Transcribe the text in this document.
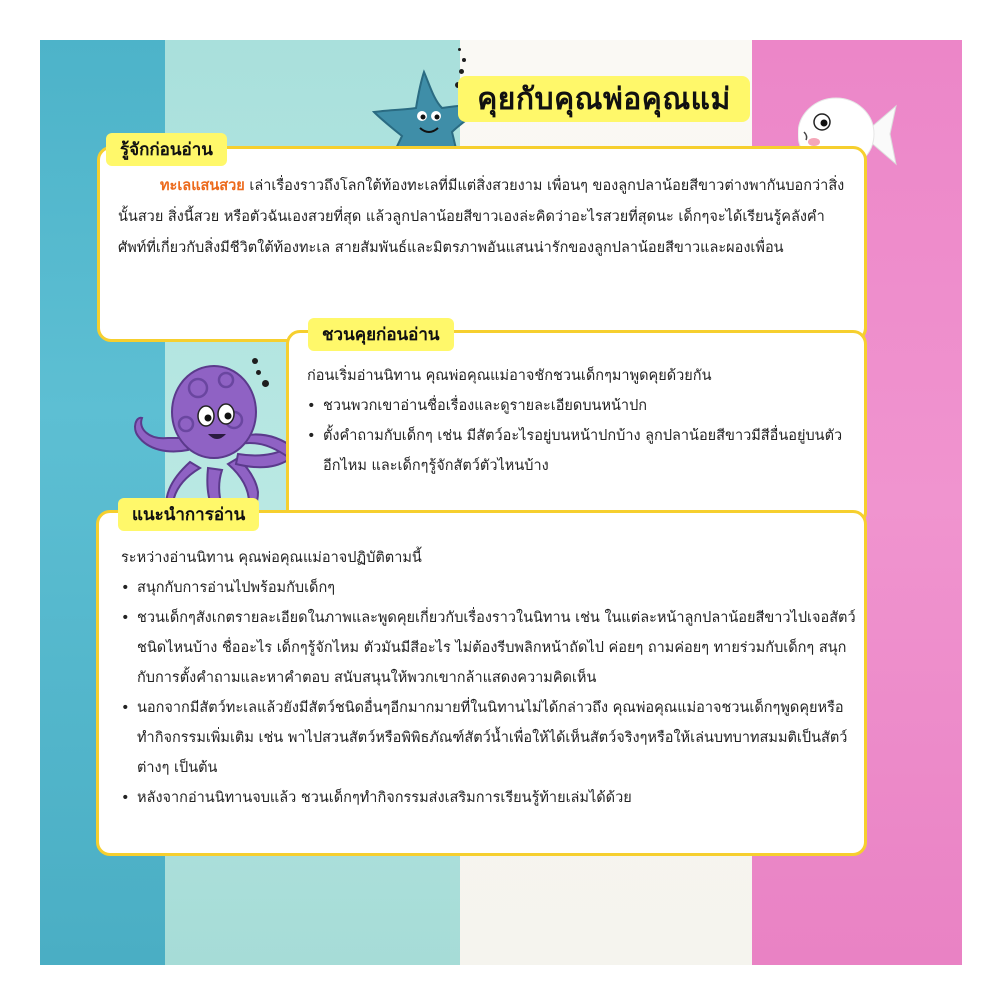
คุยกับคุณพ่อคุณแม่
ทะเลแสนสวย เล่าเรื่องราวถึงโลกใต้ท้องทะเลที่มีแต่สิ่งสวยงาม เพื่อนๆ ของลูกปลาน้อยสีขาวต่างพากันบอกว่าสิ่งนั้นสวย สิ่งนี้สวย หรือตัวฉันเองสวยที่สุด แล้วลูกปลาน้อยสีขาวเองล่ะคิดว่าอะไรสวยที่สุดนะ เด็กๆจะได้เรียนรู้คลังคำศัพท์ที่เกี่ยวกับสิ่งมีชีวิตใต้ท้องทะเล สายสัมพันธ์และมิตรภาพอันแสนน่ารักของลูกปลาน้อยสีขาวและผองเพื่อน
รู้จักก่อนอ่าน
ก่อนเริ่มอ่านนิทาน คุณพ่อคุณแม่อาจชักชวนเด็กๆมาพูดคุยด้วยกัน
• ชวนพวกเขาอ่านชื่อเรื่องและดูรายละเอียดบนหน้าปก
• ตั้งคำถามกับเด็กๆ เช่น มีสัตว์อะไรอยู่บนหน้าปกบ้าง ลูกปลาน้อยสีขาวมีสีอื่นอยู่บนตัวอีกไหม และเด็กๆรู้จักสัตว์ตัวไหนบ้าง
ชวนคุยก่อนอ่าน
ระหว่างอ่านนิทาน คุณพ่อคุณแม่อาจปฏิบัติตามนี้
• สนุกกับการอ่านไปพร้อมกับเด็กๆ
• ชวนเด็กๆสังเกตรายละเอียดในภาพและพูดคุยเกี่ยวกับเรื่องราวในนิทาน เช่น ในแต่ละหน้าลูกปลาน้อยสีขาวไปเจอสัตว์ชนิดไหนบ้าง ชื่ออะไร เด็กๆรู้จักไหม ตัวมันมีสีอะไร ไม่ต้องรีบพลิกหน้าถัดไป ค่อยๆ ถามค่อยๆ ทายร่วมกับเด็กๆ สนุกกับการตั้งคำถามและหาคำตอบ สนับสนุนให้พวกเขากล้าแสดงความคิดเห็น
• นอกจากมีสัตว์ทะเลแล้วยังมีสัตว์ชนิดอื่นๆอีกมากมายที่ในนิทานไม่ได้กล่าวถึง คุณพ่อคุณแม่อาจชวนเด็กๆพูดคุยหรือทำกิจกรรมเพิ่มเติม เช่น พาไปสวนสัตว์หรือพิพิธภัณฑ์สัตว์น้ำเพื่อให้ได้เห็นสัตว์จริงๆหรือให้เล่นบทบาทสมมติเป็นสัตว์ต่างๆ เป็นต้น
• หลังจากอ่านนิทานจบแล้ว ชวนเด็กๆทำกิจกรรมส่งเสริมการเรียนรู้ท้ายเล่มได้ด้วย
แนะนำการอ่าน
